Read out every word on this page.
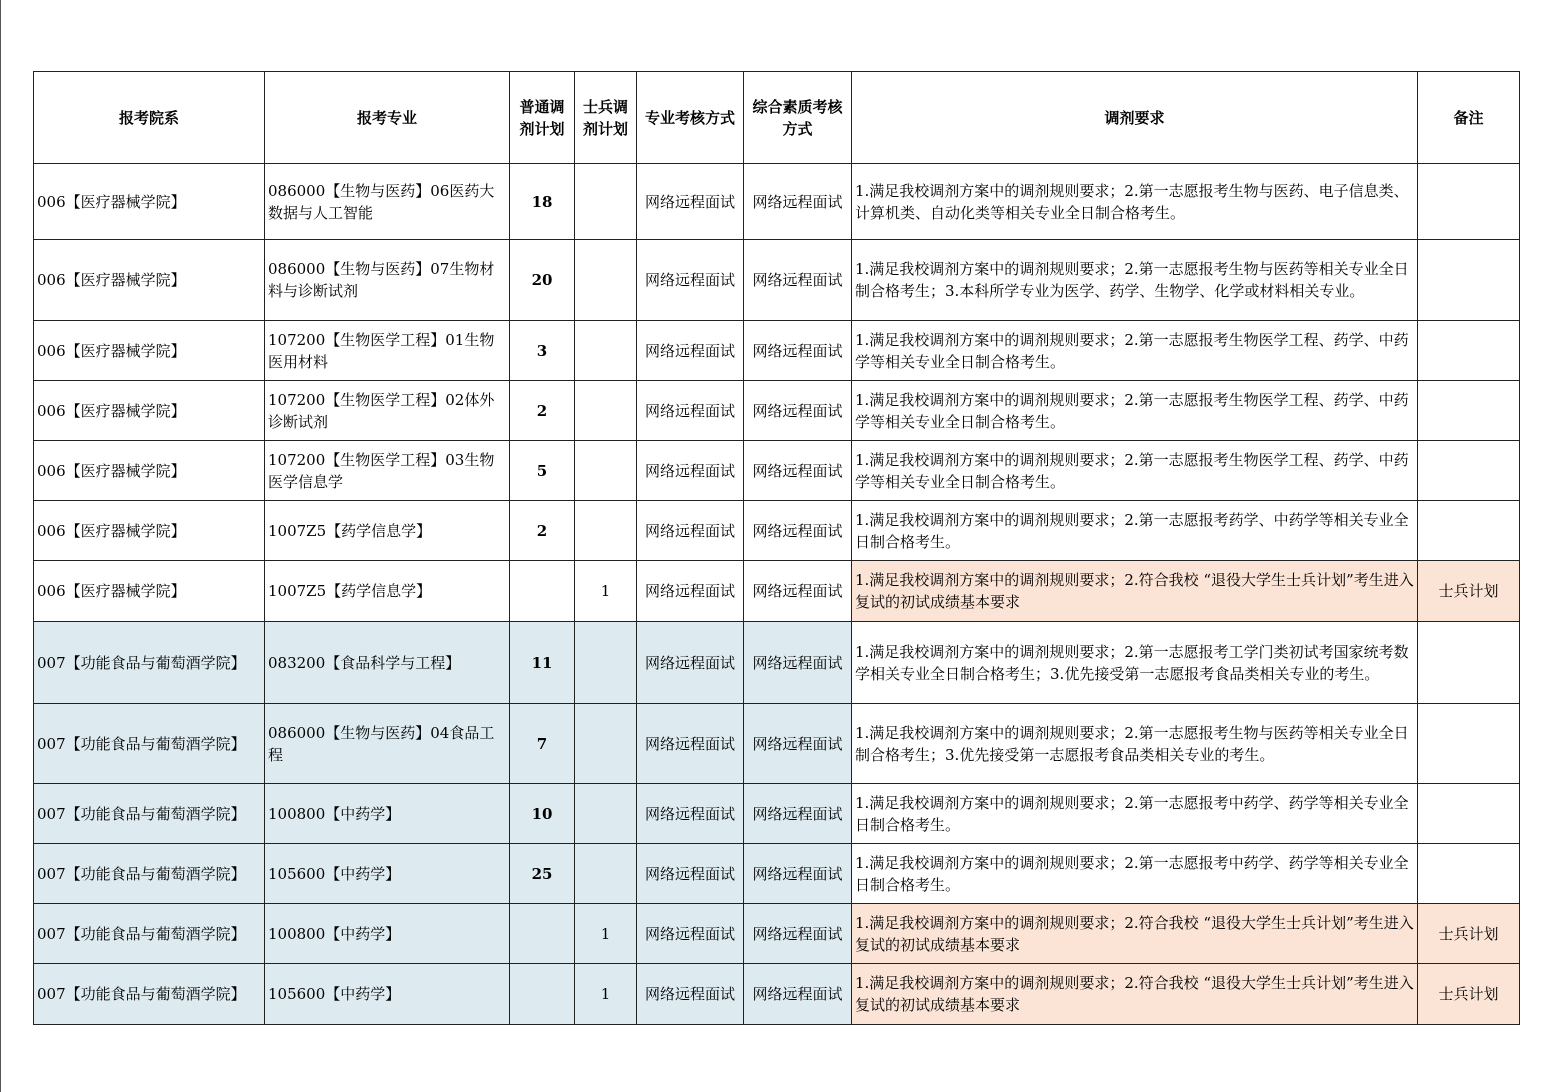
报考院系	报考专业	普通调剂计划	士兵调剂计划	专业考核方式	综合素质考核方式	调剂要求	备注
006【医疗器械学院】	086000【生物与医药】06医药大数据与人工智能	18		网络远程面试	网络远程面试	1.满足我校调剂方案中的调剂规则要求；2.第一志愿报考生物与医药、电子信息类、计算机类、自动化类等相关专业全日制合格考生。	
006【医疗器械学院】	086000【生物与医药】07生物材料与诊断试剂	20		网络远程面试	网络远程面试	1.满足我校调剂方案中的调剂规则要求；2.第一志愿报考生物与医药等相关专业全日制合格考生；3.本科所学专业为医学、药学、生物学、化学或材料相关专业。	
006【医疗器械学院】	107200【生物医学工程】01生物医用材料	3		网络远程面试	网络远程面试	1.满足我校调剂方案中的调剂规则要求；2.第一志愿报考生物医学工程、药学、中药学等相关专业全日制合格考生。	
006【医疗器械学院】	107200【生物医学工程】02体外诊断试剂	2		网络远程面试	网络远程面试	1.满足我校调剂方案中的调剂规则要求；2.第一志愿报考生物医学工程、药学、中药学等相关专业全日制合格考生。	
006【医疗器械学院】	107200【生物医学工程】03生物医学信息学	5		网络远程面试	网络远程面试	1.满足我校调剂方案中的调剂规则要求；2.第一志愿报考生物医学工程、药学、中药学等相关专业全日制合格考生。	
006【医疗器械学院】	1007Z5【药学信息学】	2		网络远程面试	网络远程面试	1.满足我校调剂方案中的调剂规则要求；2.第一志愿报考药学、中药学等相关专业全日制合格考生。	
006【医疗器械学院】	1007Z5【药学信息学】		1	网络远程面试	网络远程面试	1.满足我校调剂方案中的调剂规则要求；2.符合我校 “退役大学生士兵计划”考生进入复试的初试成绩基本要求	士兵计划
007【功能食品与葡萄酒学院】	083200【食品科学与工程】	11		网络远程面试	网络远程面试	1.满足我校调剂方案中的调剂规则要求；2.第一志愿报考工学门类初试考国家统考数学相关专业全日制合格考生；3.优先接受第一志愿报考食品类相关专业的考生。	
007【功能食品与葡萄酒学院】	086000【生物与医药】04食品工程	7		网络远程面试	网络远程面试	1.满足我校调剂方案中的调剂规则要求；2.第一志愿报考生物与医药等相关专业全日制合格考生；3.优先接受第一志愿报考食品类相关专业的考生。	
007【功能食品与葡萄酒学院】	100800【中药学】	10		网络远程面试	网络远程面试	1.满足我校调剂方案中的调剂规则要求；2.第一志愿报考中药学、药学等相关专业全日制合格考生。	
007【功能食品与葡萄酒学院】	105600【中药学】	25		网络远程面试	网络远程面试	1.满足我校调剂方案中的调剂规则要求；2.第一志愿报考中药学、药学等相关专业全日制合格考生。	
007【功能食品与葡萄酒学院】	100800【中药学】		1	网络远程面试	网络远程面试	1.满足我校调剂方案中的调剂规则要求；2.符合我校 “退役大学生士兵计划”考生进入复试的初试成绩基本要求	士兵计划
007【功能食品与葡萄酒学院】	105600【中药学】		1	网络远程面试	网络远程面试	1.满足我校调剂方案中的调剂规则要求；2.符合我校 “退役大学生士兵计划”考生进入复试的初试成绩基本要求	士兵计划
